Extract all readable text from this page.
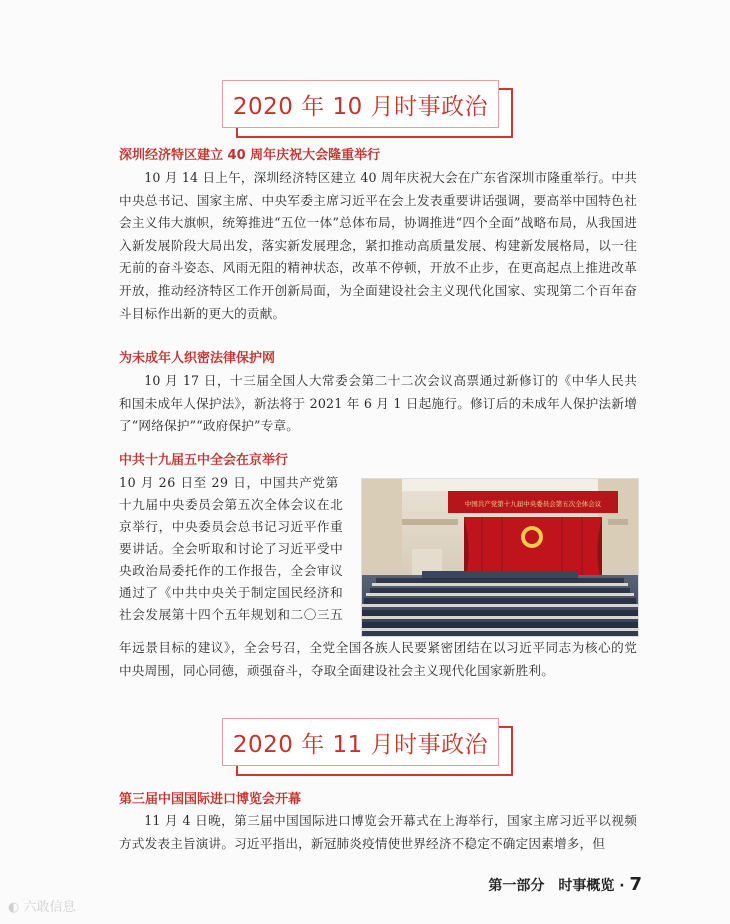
2020 年 10 月时事政治
深圳经济特区建立 40 周年庆祝大会隆重举行

10 月 14 日上午，深圳经济特区建立 40 周年庆祝大会在广东省深圳市隆重举行。中共中央总书记、国家主席、中央军委主席习近平在会上发表重要讲话强调，要高举中国特色社会主义伟大旗帜，统筹推进“五位一体”总体布局，协调推进“四个全面”战略布局，从我国进入新发展阶段大局出发，落实新发展理念，紧扣推动高质量发展、构建新发展格局，以一往无前的奋斗姿态、风雨无阻的精神状态，改革不停顿，开放不止步，在更高起点上推进改革开放，推动经济特区工作开创新局面，为全面建设社会主义现代化国家、实现第二个百年奋斗目标作出新的更大的贡献。

为未成年人织密法律保护网

10 月 17 日，十三届全国人大常委会第二十二次会议高票通过新修订的《中华人民共和国未成年人保护法》，新法将于 2021 年 6 月 1 日起施行。修订后的未成年人保护法新增了“网络保护”“政府保护”专章。

中共十九届五中全会在京举行

10 月 26 日至 29 日，中国共产党第

十九届中央委员会第五次全体会议在北

京举行，中央委员会总书记习近平作重

要讲话。全会听取和讨论了习近平受中

央政治局委托作的工作报告，全会审议

通过了《中共中央关于制定国民经济和

社会发展第十四个五年规划和二〇三五

年远景目标的建议》，全会号召，全党全国各族人民要紧密团结在以习近平同志为核心的党中央周围，同心同德，顽强奋斗，夺取全面建设社会主义现代化国家新胜利。

中国共产党第十九届中央委员会第五次全体会议
2020 年 11 月时事政治
第三届中国国际进口博览会开幕

11 月 4 日晚，第三届中国国际进口博览会开幕式在上海举行，国家主席习近平以视频方式发表主旨演讲。习近平指出，新冠肺炎疫情使世界经济不稳定不确定因素增多，但

第一部分　时事概览 · 7
◐ 六敢信息
